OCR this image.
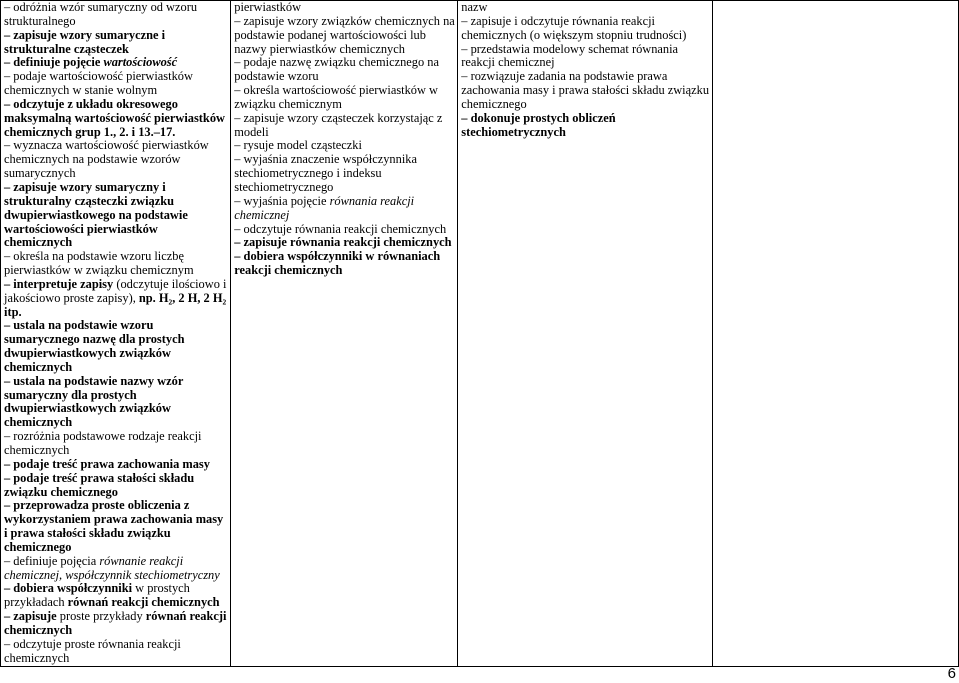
– odróżnia wzór sumaryczny od wzoru strukturalnego
– zapisuje wzory sumaryczne i strukturalne cząsteczek
– definiuje pojęcie wartościowość
– podaje wartościowość pierwiastków chemicznych w stanie wolnym
– odczytuje z układu okresowego maksymalną wartościowość pierwiastków chemicznych grup 1., 2. i 13.–17.
– wyznacza wartościowość pierwiastków chemicznych na podstawie wzorów sumarycznych
– zapisuje wzory sumaryczny i strukturalny cząsteczki związku dwupierwiastkowego na podstawie wartościowości pierwiastków chemicznych
– określa na podstawie wzoru liczbę pierwiastków w związku chemicznym
– interpretuje zapisy (odczytuje ilościowo i jakościowo proste zapisy), np. H₂, 2 H, 2 H₂ itp.
– ustala na podstawie wzoru sumarycznego nazwę dla prostych dwupierwiastkowych związków chemicznych
– ustala na podstawie nazwy wzór sumaryczny dla prostych dwupierwiastkowych związków chemicznych
– rozróżnia podstawowe rodzaje reakcji chemicznych
– podaje treść prawa zachowania masy
– podaje treść prawa stałości składu związku chemicznego
– przeprowadza proste obliczenia z wykorzystaniem prawa zachowania masy i prawa stałości składu związku chemicznego
– definiuje pojęcia równanie reakcji chemicznej, współczynnik stechiometryczny
– dobiera współczynniki w prostych przykładach równań reakcji chemicznych
– zapisuje proste przykłady równań reakcji chemicznych
– odczytuje proste równania reakcji chemicznych

pierwiastków
– zapisuje wzory związków chemicznych na podstawie podanej wartościowości lub nazwy pierwiastków chemicznych
– podaje nazwę związku chemicznego na podstawie wzoru
– określa wartościowość pierwiastków w związku chemicznym
– zapisuje wzory cząsteczek korzystając z modeli
– rysuje model cząsteczki
– wyjaśnia znaczenie współczynnika stechiometrycznego i indeksu stechiometrycznego
– wyjaśnia pojęcie równania reakcji chemicznej
– odczytuje równania reakcji chemicznych
– zapisuje równania reakcji chemicznych
– dobiera współczynniki w równaniach reakcji chemicznych

nazw
– zapisuje i odczytuje równania reakcji chemicznych (o większym stopniu trudności)
– przedstawia modelowy schemat równania reakcji chemicznej
– rozwiązuje zadania na podstawie prawa zachowania masy i prawa stałości składu związku chemicznego
– dokonuje prostych obliczeń stechiometrycznych

6
